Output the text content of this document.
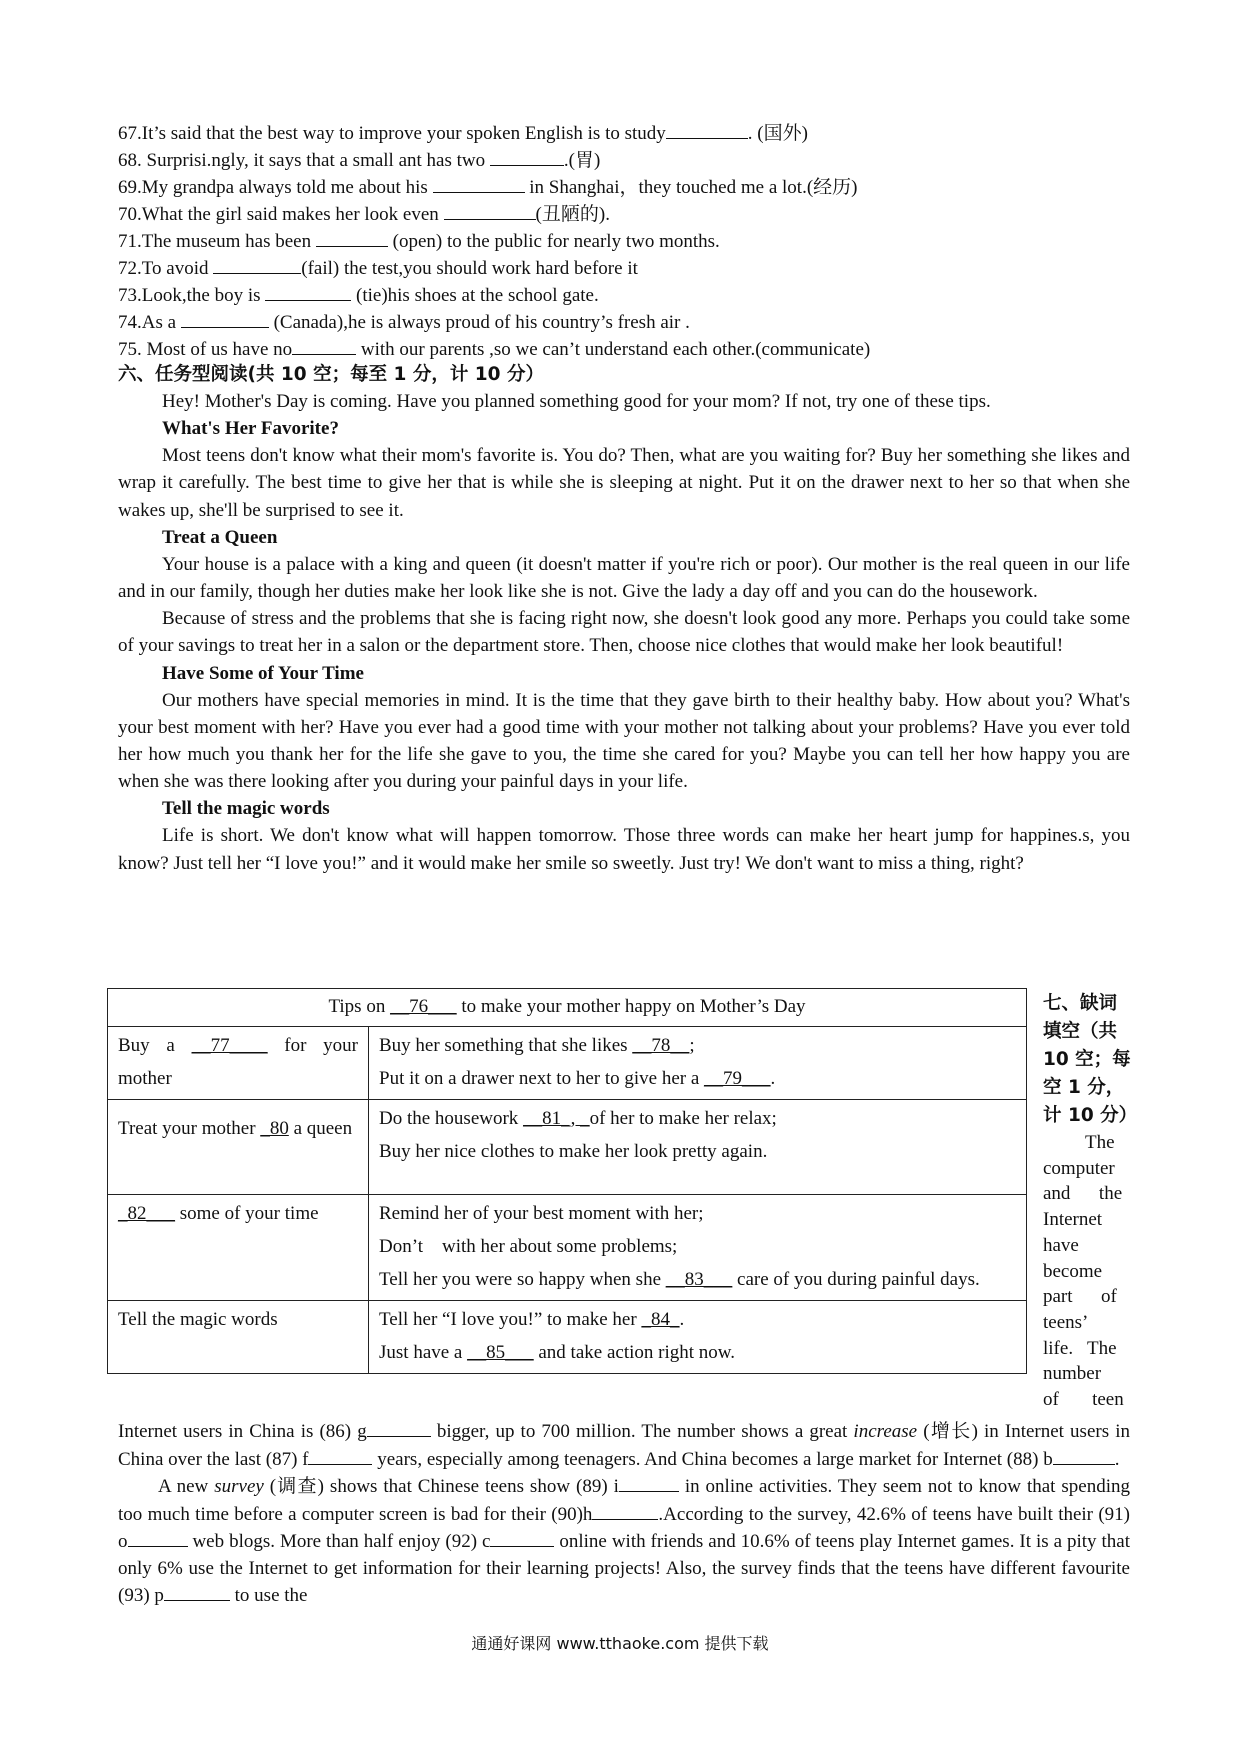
67.It’s said that the best way to improve your spoken English is to study	. (国外)
68. Surprisi.ngly, it says that a small ant has two	.(胃)
69.My grandpa always told me about his	in Shanghai，they touched me a lot.(经历)
70.What the girl said makes her look even	(丑陋的).
71.The museum has been	(open) to the public for nearly two months.
72.To avoid	(fail) the test,you should work hard before it
73.Look,the boy is	(tie)his shoes at the school gate.
74.As a	(Canada),he is always proud of his country’s fresh air .
75. Most of us have no	with our parents ,so we can’t understand each other.(communicate)
六、任务型阅读(共 10 空；每至 1 分，计 10 分）

Hey! Mother's Day is coming. Have you planned something good for your mom? If not, try one of these tips.

What's Her Favorite?

Most teens don't know what their mom's favorite is. You do? Then, what are you waiting for? Buy her something she likes and wrap it carefully. The best time to give her that is while she is sleeping at night. Put it on the drawer next to her so that when she wakes up, she'll be surprised to see it.

Treat a Queen

Your house is a palace with a king and queen (it doesn't matter if you're rich or poor). Our mother is the real queen in our life and in our family, though her duties make her look like she is not. Give the lady a day off and you can do the housework.

Because of stress and the problems that she is facing right now, she doesn't look good any more. Perhaps you could take some of your savings to treat her in a salon or the department store. Then, choose nice clothes that would make her look beautiful!

Have Some of Your Time

Our mothers have special memories in mind. It is the time that they gave birth to their healthy baby. How about you? What's your best moment with her? Have you ever had a good time with your mother not talking about your problems? Have you ever told her how much you thank her for the life she gave to you, the time she cared for you? Maybe you can tell her how happy you are when she was there looking after you during your painful days in your life.

Tell the magic words

Life is short. We don't know what will happen tomorrow. Those three words can make her heart jump for happines.s, you know? Just tell her “I love you!” and it would make her smile so sweetly. Just try! We don't want to miss a thing, right?

Tips on __76___ to make your mother happy on Mother’s Day	
Buy a __77____ for your mother	Buy her something that she likes __78__;
Put it on a drawer next to her to give her a __79___.

Treat your mother _80 a queen	Do the housework __81_, _of her to make her relax;
Buy her nice clothes to make her look pretty again.

_82___ some of your time	Remind her of your best moment with her;
Don’t    with her about some problems;
Tell her you were so happy when she __83___ care of you during painful days.

Tell the magic words	Tell her “I love you!” to make her _84_.
Just have a __85___ and take action right now.
七、缺词
填空（共
10 空；每
空 1 分，
计 10 分）
The
computer
and      the
Internet
have
become
part      of
teens’
life.   The
number
of       teen

Internet users in China is (86) g	bigger, up to 700 million. The number shows a great increase (增长) in Internet users in China over the last (87) f	years, especially among teenagers. And China becomes a large market for Internet (88) b	.

A new survey (调查) shows that Chinese teens show (89) i	in online activities. They seem not to know that spending too much time before a computer screen is bad for their (90)h	.According to the survey, 42.6% of teens have built their (91) o	web blogs. More than half enjoy (92) c	online with friends and 10.6% of teens play Internet games. It is a pity that only 6% use the Internet to get information for their learning projects! Also, the survey finds that the teens have different favourite (93) p	to use the

通通好课网 www.tthaoke.com 提供下载
